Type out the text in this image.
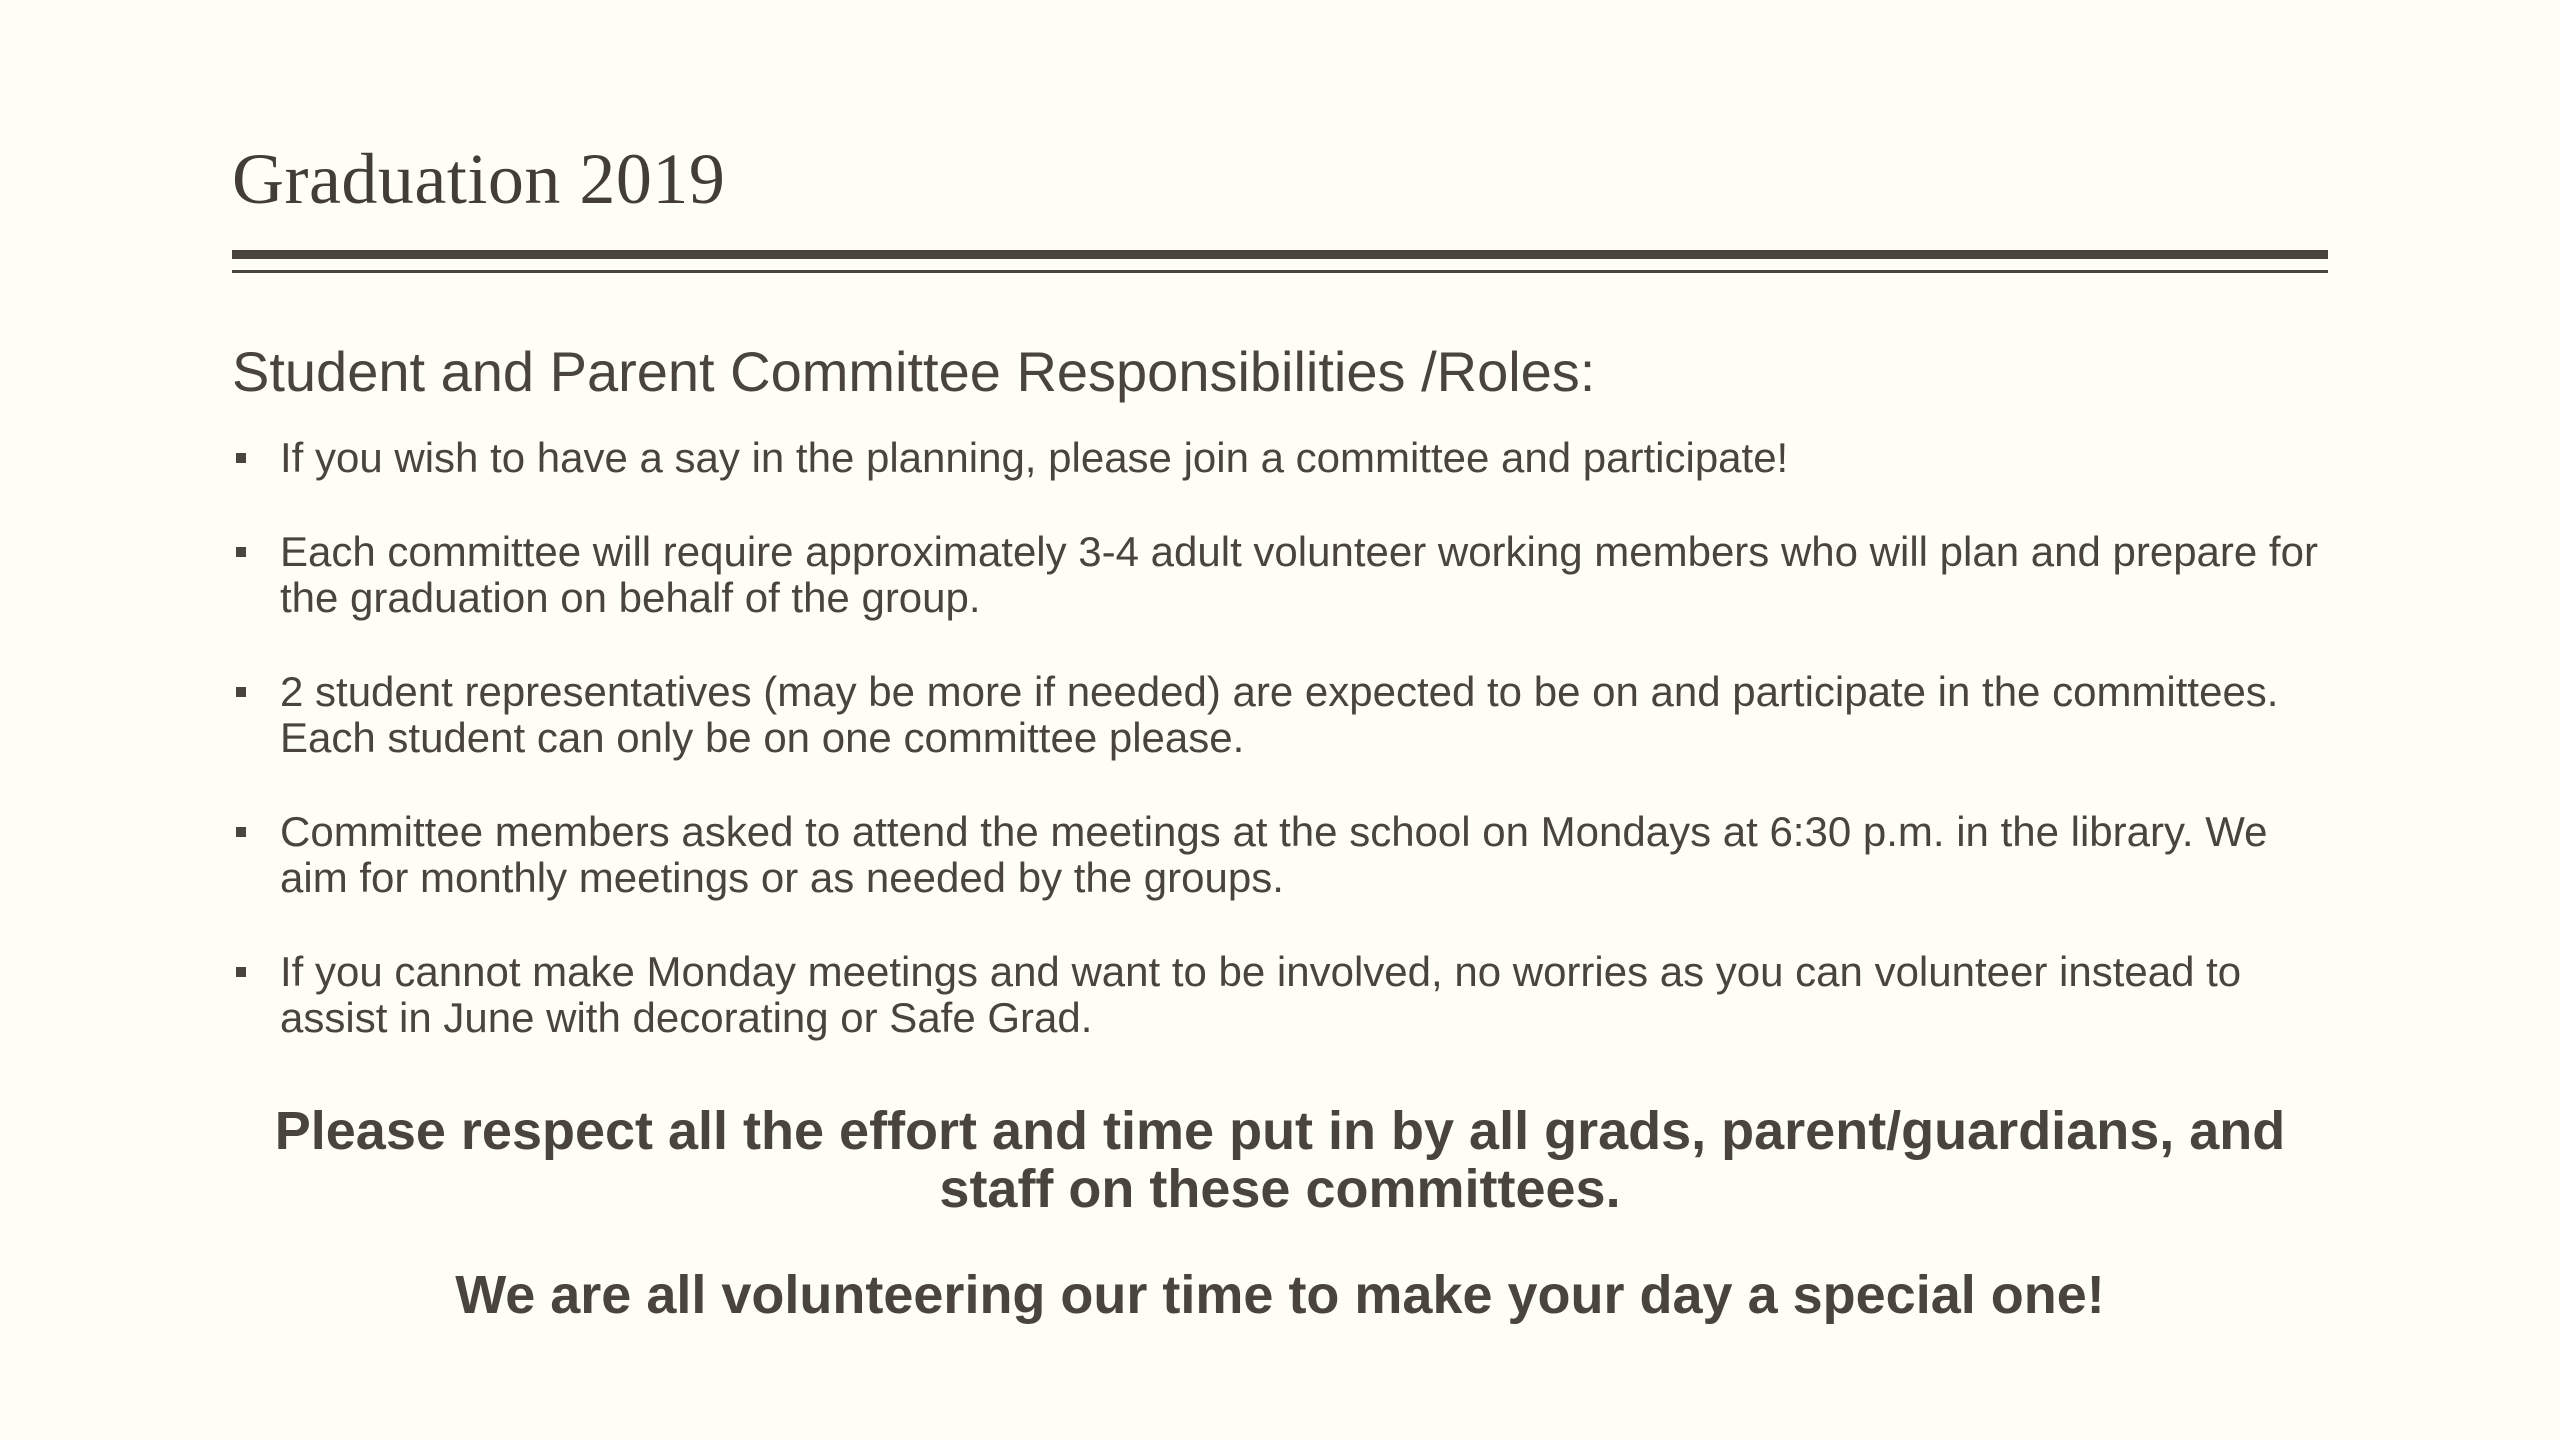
Graduation 2019
Student and Parent Committee Responsibilities /Roles:
If you wish to have a say in the planning, please join a committee and participate!
Each committee will require approximately 3-4 adult volunteer working members who will plan and prepare for the graduation on behalf of the group.
2 student representatives (may be more if needed) are expected to be on and participate in the committees. Each student can only be on one committee please.
Committee members asked to attend the meetings at the school on Mondays at 6:30 p.m. in the library. We aim for monthly meetings or as needed by the groups.
If you cannot make Monday meetings and want to be involved, no worries as you can volunteer instead to assist in June with decorating or Safe Grad.

Please respect all the effort and time put in by all grads, parent/guardians, and staff on these committees.

We are all volunteering our time to make your day a special one!
